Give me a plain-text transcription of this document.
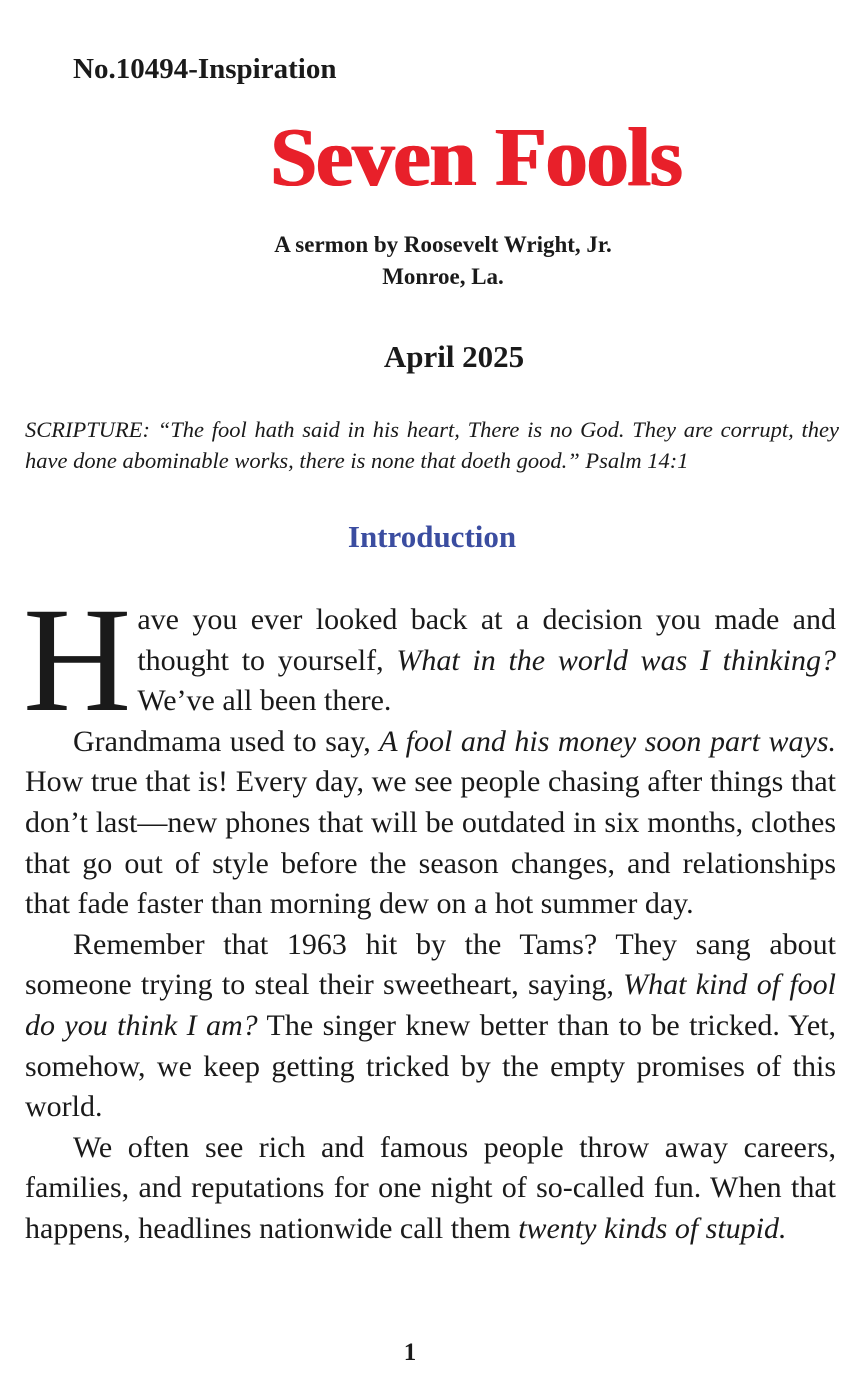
No.10494-Inspiration
Seven Fools
A sermon by Roosevelt Wright, Jr.
Monroe, La.
April 2025

SCRIPTURE: “The fool hath said in his heart, There is no God. They are corrupt, they have done abominable works, there is none that doeth good.” Psalm 14:1

Introduction

Have you ever looked back at a decision you made and thought to yourself, What in the world was I thinking? We’ve all been there.

Grandmama used to say, A fool and his money soon part ways. How true that is! Every day, we see people chasing after things that don’t last—new phones that will be outdated in six months, clothes that go out of style before the season changes, and relationships that fade faster than morning dew on a hot summer day.

Remember that 1963 hit by the Tams? They sang about someone trying to steal their sweetheart, saying, What kind of fool do you think I am? The singer knew better than to be tricked. Yet, somehow, we keep getting tricked by the empty promises of this world.

We often see rich and famous people throw away careers, families, and reputations for one night of so-called fun. When that happens, headlines nationwide call them twenty kinds of stupid.

1
